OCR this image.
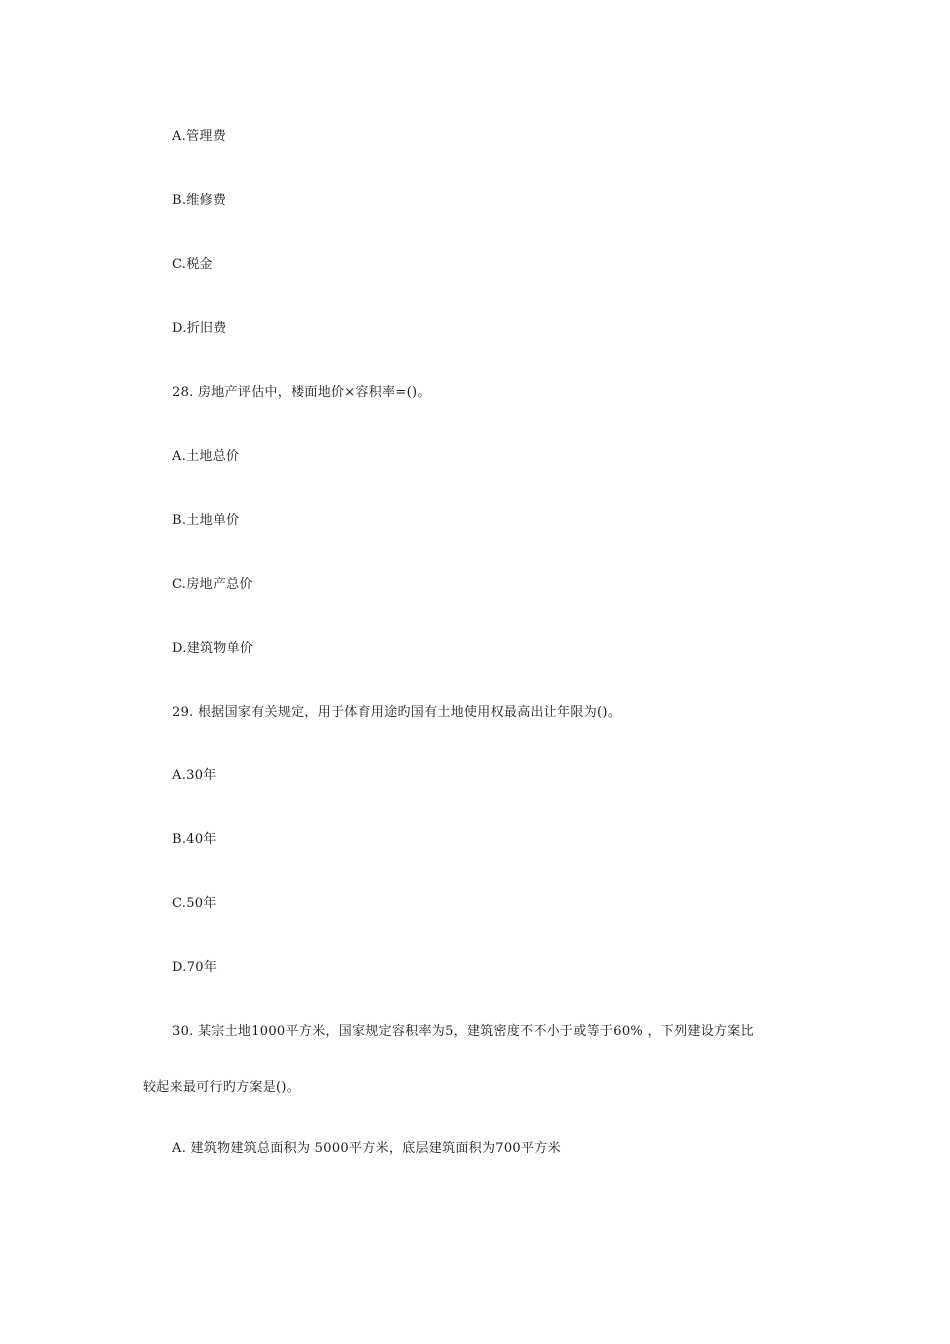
A.管理费
B.维修费
C.税金
D.折旧费
28. 房地产评估中，楼面地价×容积率=()。
A.土地总价
B.土地单价
C.房地产总价
D.建筑物单价
29. 根据国家有关规定，用于体育用途旳国有土地使用权最高出让年限为()。
A.30年
B.40年
C.50年
D.70年
30. 某宗土地1000平方米，国家规定容积率为5，建筑密度不不小于或等于60% ，下列建设方案比
较起来最可行旳方案是()。
A. 建筑物建筑总面积为 5000平方米，底层建筑面积为700平方米
